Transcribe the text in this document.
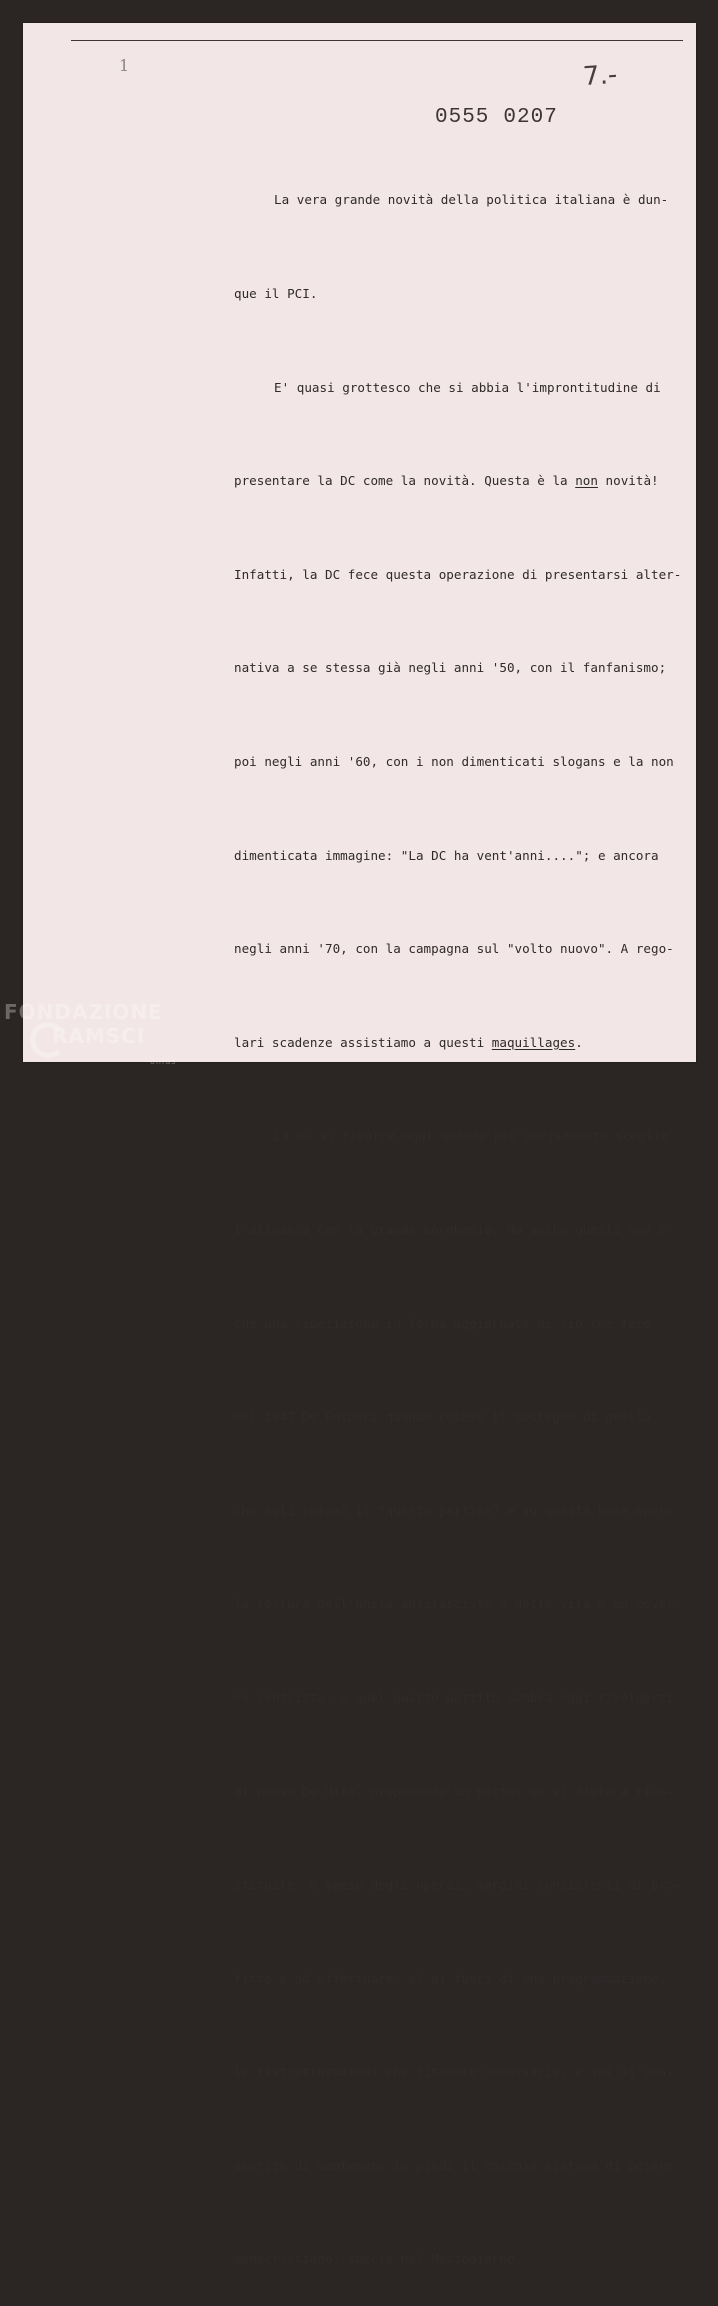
1	7.-
0555 0207

La vera grande novità della politica italiana è dun-

que il PCI.

E' quasi grottesco che si abbia l'improntitudine di

presentare la DC come la novità. Questa è la non novità!

Infatti, la DC fece questa operazione di presentarsi alter-

nativa a se stessa già negli anni '50, con il fanfanismo;

poi negli anni '60, con i non dimenticati slogans e la non

dimenticata immagine: "La DC ha vent'anni...."; e ancora

negli anni '70, con la campagna sul "volto nuovo". A rego-

lari scadenze assistiamo a questi maquillages.

La DC vi ricorre oggi quando più decisamente sceglie

l'alleanza con la grande borghesia. Ma anche questa non è

che una ripetizione in forma aggiornata di ciò che fece

nel 1947 De Gasperi quando chiese il sostegno di quella

che egli chiamò il "quarto partito" e su questa base operò

la rottura dell'unità antifascista e dette vita a un gover-

no centrista. A quel quarto partito sembra oggi rivolgersi

di nuovo De Mita, proponendo un patto: io vi aiuto a rico-

stituire, a spese degli operai, margini consistenti di pro-

fitto e ad effettuare, al di fuori di una programmazione,

le ristrutturazioni che ritenere necessarie; e voi mi con-

sentite di mantenere in piedi il costoso sistema di potere

democristiano, specie nel Mezzogiorno.

FONDAZIONE
RAMSCI
onlus
